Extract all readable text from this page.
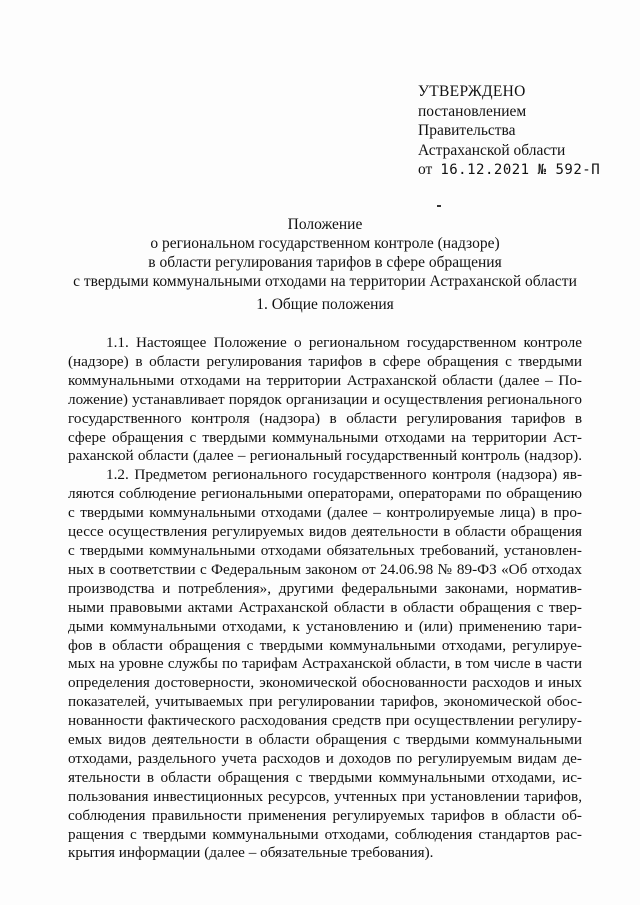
УТВЕРЖДЕНО
постановлением
Правительства
Астраханской области
от 16.12.2021 № 592-П
Положение
о региональном государственном контроле (надзоре)
в области регулирования тарифов в сфере обращения
с твердыми коммунальными отходами на территории Астраханской области
1. Общие положения
1.1. Настоящее Положение о региональном государственном контроле
(надзоре) в области регулирования тарифов в сфере обращения с твердыми
коммунальными отходами на территории Астраханской области (далее – По-
ложение) устанавливает порядок организации и осуществления регионального
государственного контроля (надзора) в области регулирования тарифов в
сфере обращения с твердыми коммунальными отходами на территории Аст-
раханской области (далее – региональный государственный контроль (надзор).
1.2. Предметом регионального государственного контроля (надзора) яв-
ляются соблюдение региональными операторами, операторами по обращению
с твердыми коммунальными отходами (далее – контролируемые лица) в про-
цессе осуществления регулируемых видов деятельности в области обращения
с твердыми коммунальными отходами обязательных требований, установлен-
ных в соответствии с Федеральным законом от 24.06.98 № 89-ФЗ «Об отходах
производства и потребления», другими федеральными законами, норматив-
ными правовыми актами Астраханской области в области обращения с твер-
дыми коммунальными отходами, к установлению и (или) применению тари-
фов в области обращения с твердыми коммунальными отходами, регулируе-
мых на уровне службы по тарифам Астраханской области, в том числе в части
определения достоверности, экономической обоснованности расходов и иных
показателей, учитываемых при регулировании тарифов, экономической обос-
нованности фактического расходования средств при осуществлении регулиру-
емых видов деятельности в области обращения с твердыми коммунальными
отходами, раздельного учета расходов и доходов по регулируемым видам де-
ятельности в области обращения с твердыми коммунальными отходами, ис-
пользования инвестиционных ресурсов, учтенных при установлении тарифов,
соблюдения правильности применения регулируемых тарифов в области об-
ращения с твердыми коммунальными отходами, соблюдения стандартов рас-
крытия информации (далее – обязательные требования).
